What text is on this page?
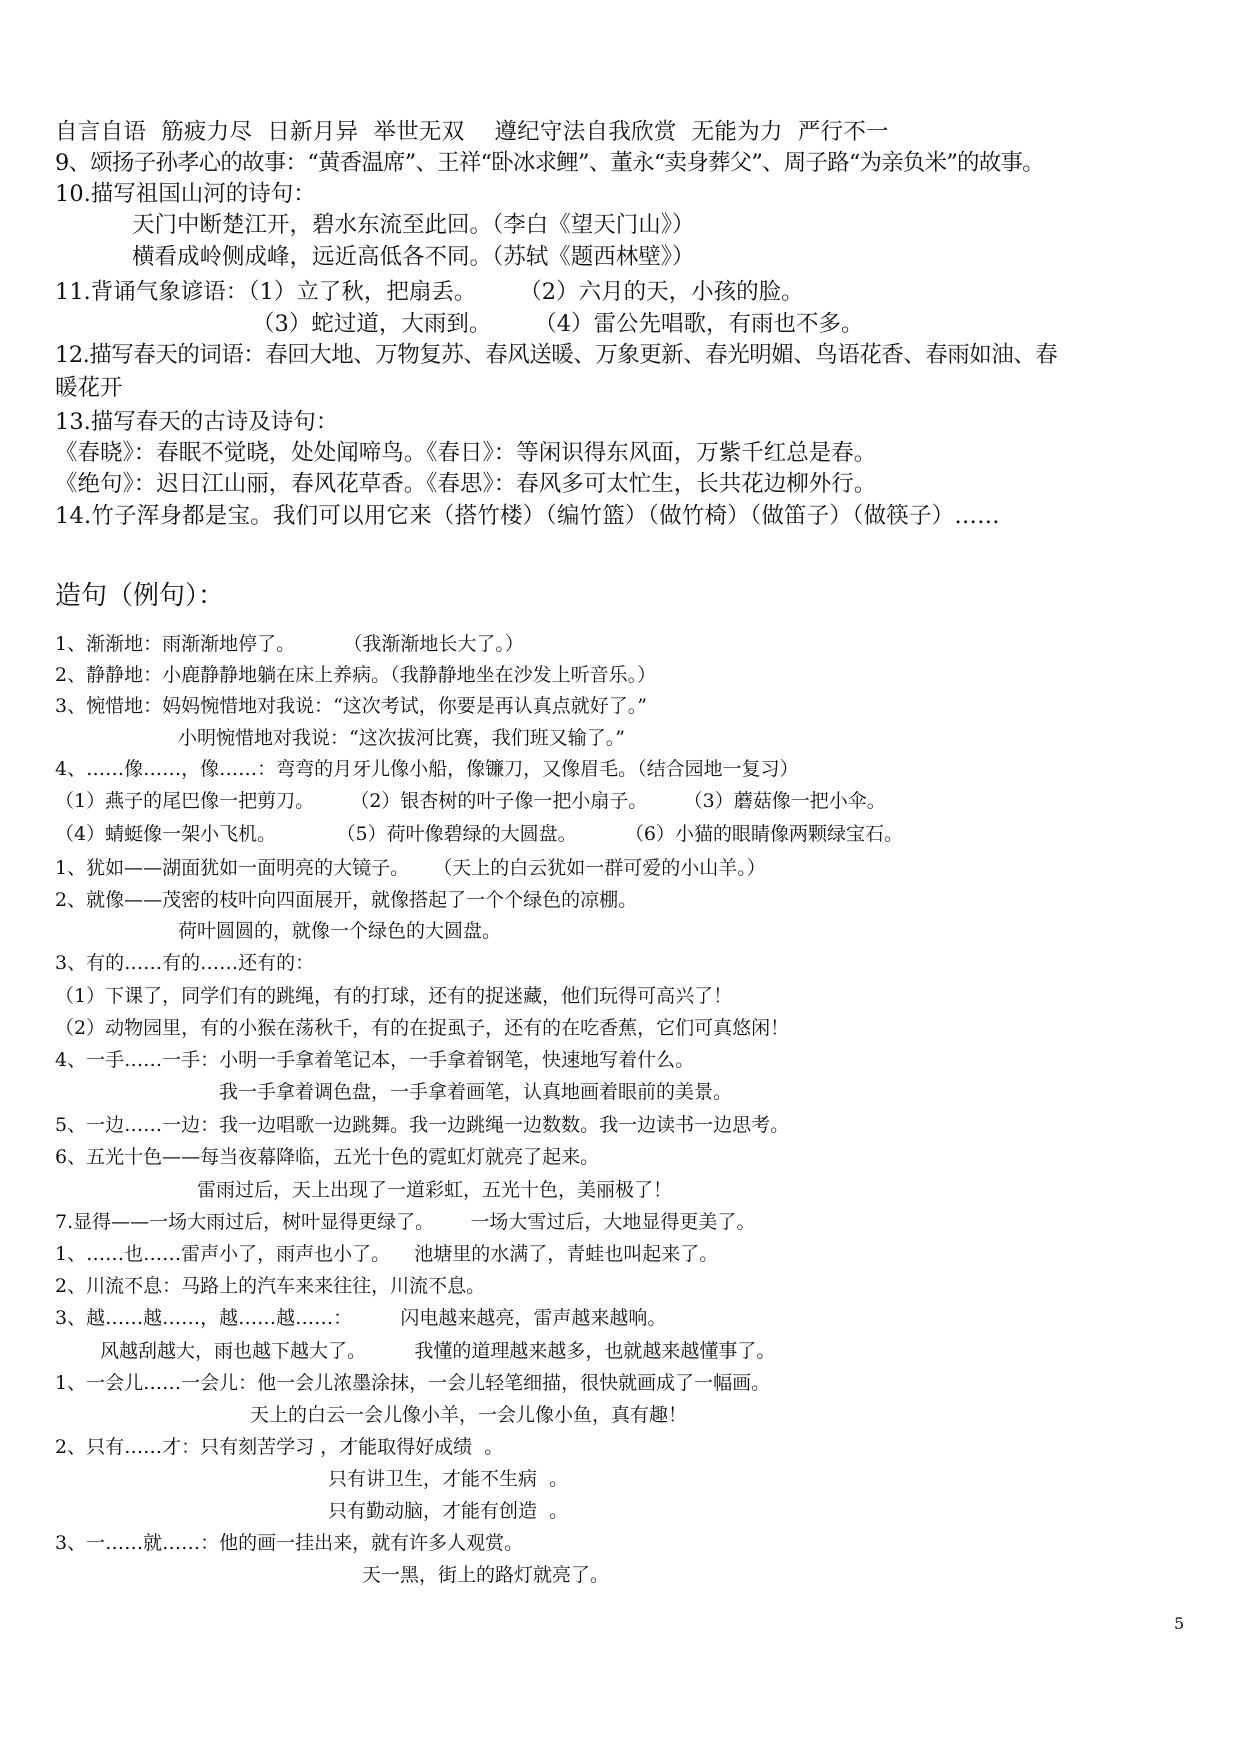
自言自语  筋疲力尽  日新月异  举世无双    遵纪守法自我欣赏  无能为力  严行不一
9、颂扬子孙孝心的故事：“黄香温席”、王祥“卧冰求鲤”、董永“卖身葬父”、周子路“为亲负米”的故事。
10.描写祖国山河的诗句：
天门中断楚江开，碧水东流至此回。（李白《望天门山》）
横看成岭侧成峰，远近高低各不同。（苏轼《题西林壁》）
11.背诵气象谚语：（1）立了秋，把扇丢。      （2）六月的天，小孩的脸。
（3）蛇过道，大雨到。      （4）雷公先唱歌，有雨也不多。
12.描写春天的词语：春回大地、万物复苏、春风送暖、万象更新、春光明媚、鸟语花香、春雨如油、春
暖花开
13.描写春天的古诗及诗句：
《春晓》：春眠不觉晓，处处闻啼鸟。《春日》：等闲识得东风面，万紫千红总是春。
《绝句》：迟日江山丽，春风花草香。《春思》：春风多可太忙生，长共花边柳外行。
14.竹子浑身都是宝。我们可以用它来（搭竹楼）（编竹篮）（做竹椅）（做笛子）（做筷子）……
造句（例句）：
1、渐渐地：雨渐渐地停了。        （我渐渐地长大了。）
2、静静地：小鹿静静地躺在床上养病。（我静静地坐在沙发上听音乐。）
3、惋惜地：妈妈惋惜地对我说：“这次考试，你要是再认真点就好了。”
小明惋惜地对我说：“这次拔河比赛，我们班又输了。”
4、……像……，像……：弯弯的月牙儿像小船，像镰刀，又像眉毛。（结合园地一复习）
（1）燕子的尾巴像一把剪刀。      （2）银杏树的叶子像一把小扇子。      （3）蘑菇像一把小伞。
（4）蜻蜓像一架小飞机。          （5）荷叶像碧绿的大圆盘。        （6）小猫的眼睛像两颗绿宝石。
1、犹如——湖面犹如一面明亮的大镜子。    （天上的白云犹如一群可爱的小山羊。）
2、就像——茂密的枝叶向四面展开，就像搭起了一个个绿色的凉棚。
荷叶圆圆的，就像一个绿色的大圆盘。
3、有的……有的……还有的：
（1）下课了，同学们有的跳绳，有的打球，还有的捉迷藏，他们玩得可高兴了！
（2）动物园里，有的小猴在荡秋千，有的在捉虱子，还有的在吃香蕉，它们可真悠闲！
4、一手……一手：小明一手拿着笔记本，一手拿着钢笔，快速地写着什么。
我一手拿着调色盘，一手拿着画笔，认真地画着眼前的美景。
5、一边……一边：我一边唱歌一边跳舞。我一边跳绳一边数数。我一边读书一边思考。
6、五光十色——每当夜幕降临，五光十色的霓虹灯就亮了起来。
雷雨过后，天上出现了一道彩虹，五光十色，美丽极了！
7.显得——一场大雨过后，树叶显得更绿了。      一场大雪过后，大地显得更美了。
1、……也……雷声小了，雨声也小了。    池塘里的水满了，青蛙也叫起来了。
2、川流不息：马路上的汽车来来往往，川流不息。
3、越……越……，越……越……：        闪电越来越亮，雷声越来越响。
风越刮越大，雨也越下越大了。        我懂的道理越来越多，也就越来越懂事了。
1、一会儿……一会儿：他一会儿浓墨涂抹，一会儿轻笔细描，很快就画成了一幅画。
天上的白云一会儿像小羊，一会儿像小鱼，真有趣！
2、只有……才：只有刻苦学习 ，才能取得好成绩  。
只有讲卫生，才能不生病  。
只有勤动脑，才能有创造  。
3、一……就……：他的画一挂出来，就有许多人观赏。
天一黑，街上的路灯就亮了。
5
